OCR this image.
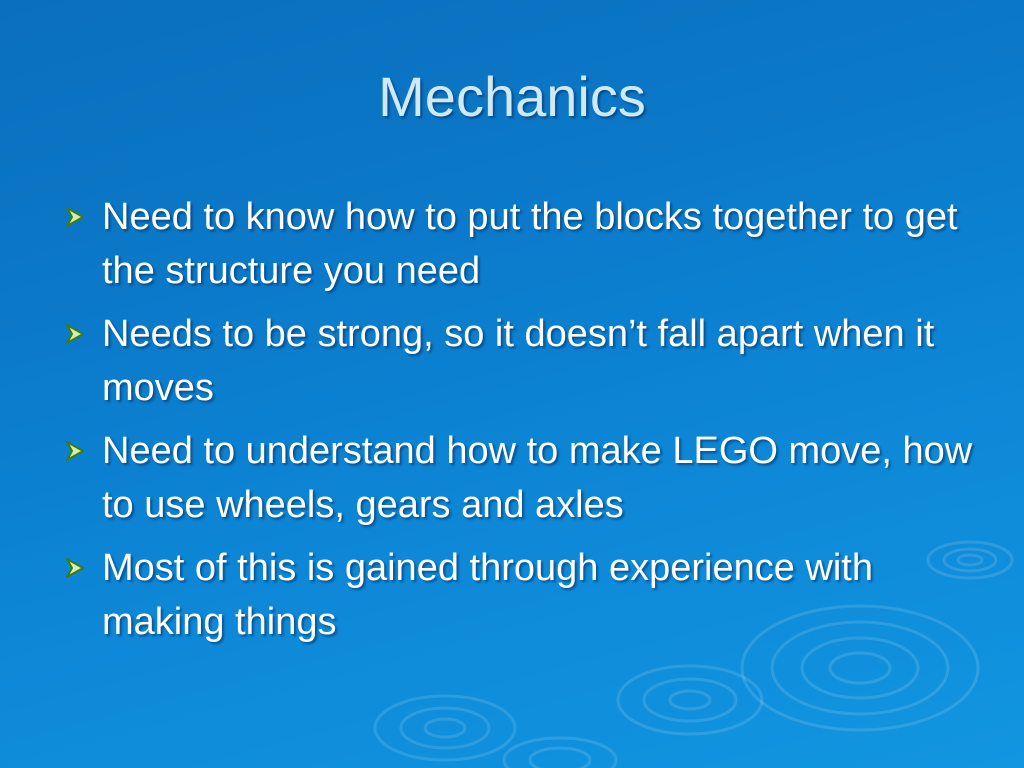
Mechanics
Need to know how to put the blocks together to get the structure you need
Needs to be strong, so it doesn’t fall apart when it moves
Need to understand how to make LEGO move, how to use wheels, gears and axles
Most of this is gained through experience with making things
